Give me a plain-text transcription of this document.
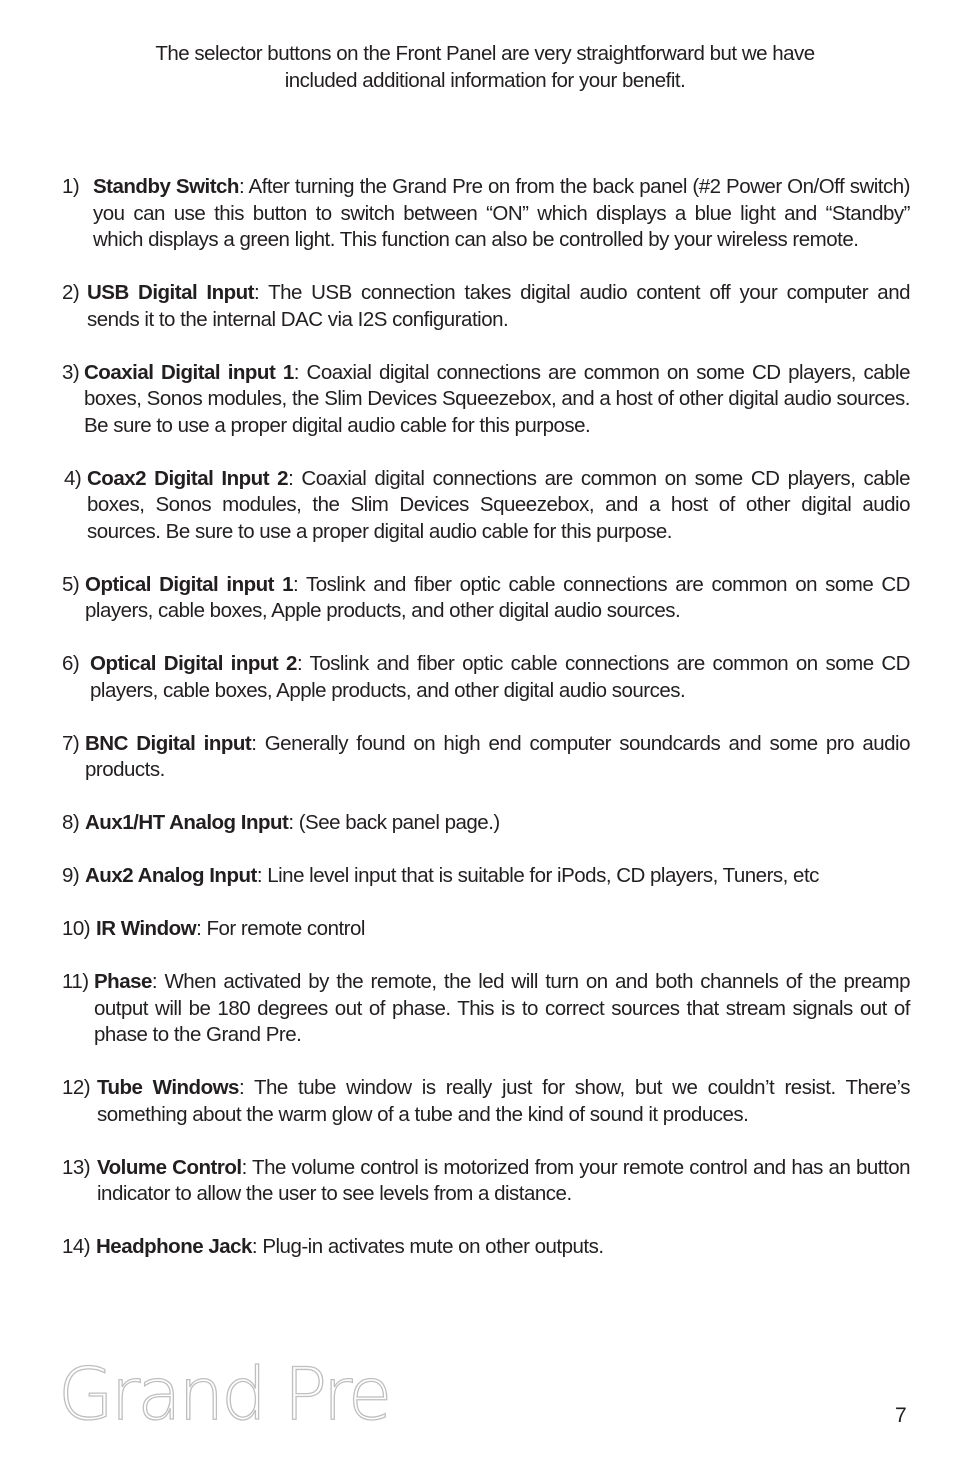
The selector buttons on the Front Panel are very straightforward but we have

included additional information for your benefit.

1) Standby Switch: After turning the Grand Pre on from the back panel (#2 Power On/Off switch) you can use this button to switch between “ON” which displays a blue light and “Standby” which displays a green light. This function can also be controlled by your wireless remote.
2) USB Digital Input: The USB connection takes digital audio content off your computer and sends it to the internal DAC via I2S configuration.
3) Coaxial Digital input 1: Coaxial digital connections are common on some CD players, cable boxes, Sonos modules, the Slim Devices Squeezebox, and a host of other digital audio sources. Be sure to use a proper digital audio cable for this purpose.
4) Coax2 Digital Input 2: Coaxial digital connections are common on some CD players, cable boxes, Sonos modules, the Slim Devices Squeezebox, and a host of other digital audio sources. Be sure to use a proper digital audio cable for this purpose.
5) Optical Digital input 1: Toslink and fiber optic cable connections are common on some CD players, cable boxes, Apple products, and other digital audio sources.
6) Optical Digital input 2: Toslink and fiber optic cable connections are common on some CD players, cable boxes, Apple products, and other digital audio sources.
7) BNC Digital input: Generally found on high end computer soundcards and some pro audio products.
8) Aux1/HT Analog Input: (See back panel page.)
9) Aux2 Analog Input: Line level input that is suitable for iPods, CD players, Tuners, etc
10) IR Window: For remote control
11) Phase: When activated by the remote, the led will turn on and both channels of the preamp output will be 180 degrees out of phase. This is to correct sources that stream signals out of phase to the Grand Pre.
12) Tube Windows: The tube window is really just for show, but we couldn’t resist. There’s something about the warm glow of a tube and the kind of sound it produces.
13) Volume Control: The volume control is motorized from your remote control and has an button indicator to allow the user to see levels from a distance.
14) Headphone Jack: Plug-in activates mute on other outputs.
Grand Pre	7
